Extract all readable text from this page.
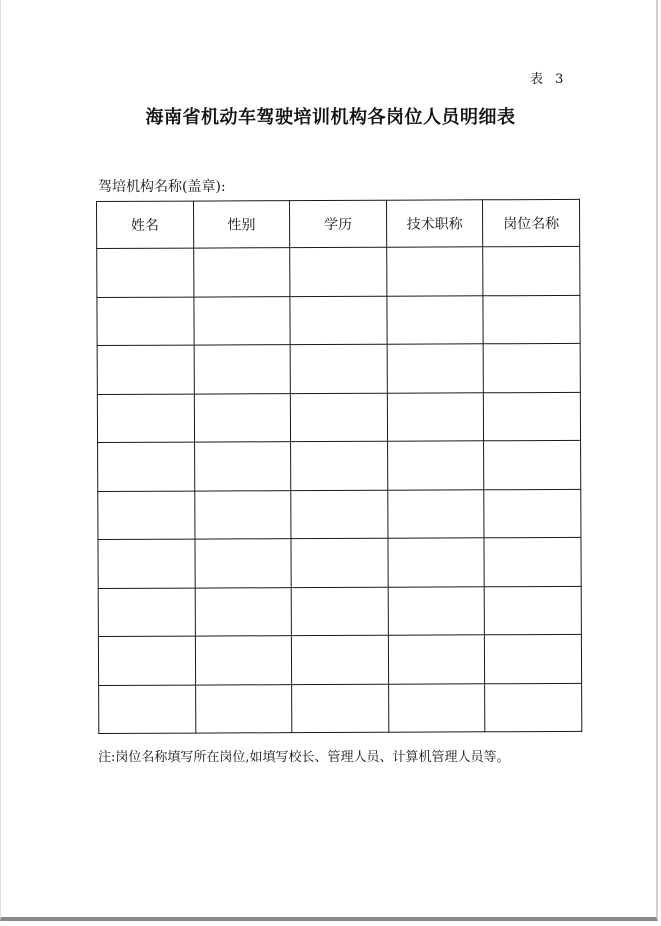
表 3
海南省机动车驾驶培训机构各岗位人员明细表
驾培机构名称(盖章):
姓名	性别	学历	技术职称	岗位名称

注:岗位名称填写所在岗位,如填写校长、管理人员、计算机管理人员等。
